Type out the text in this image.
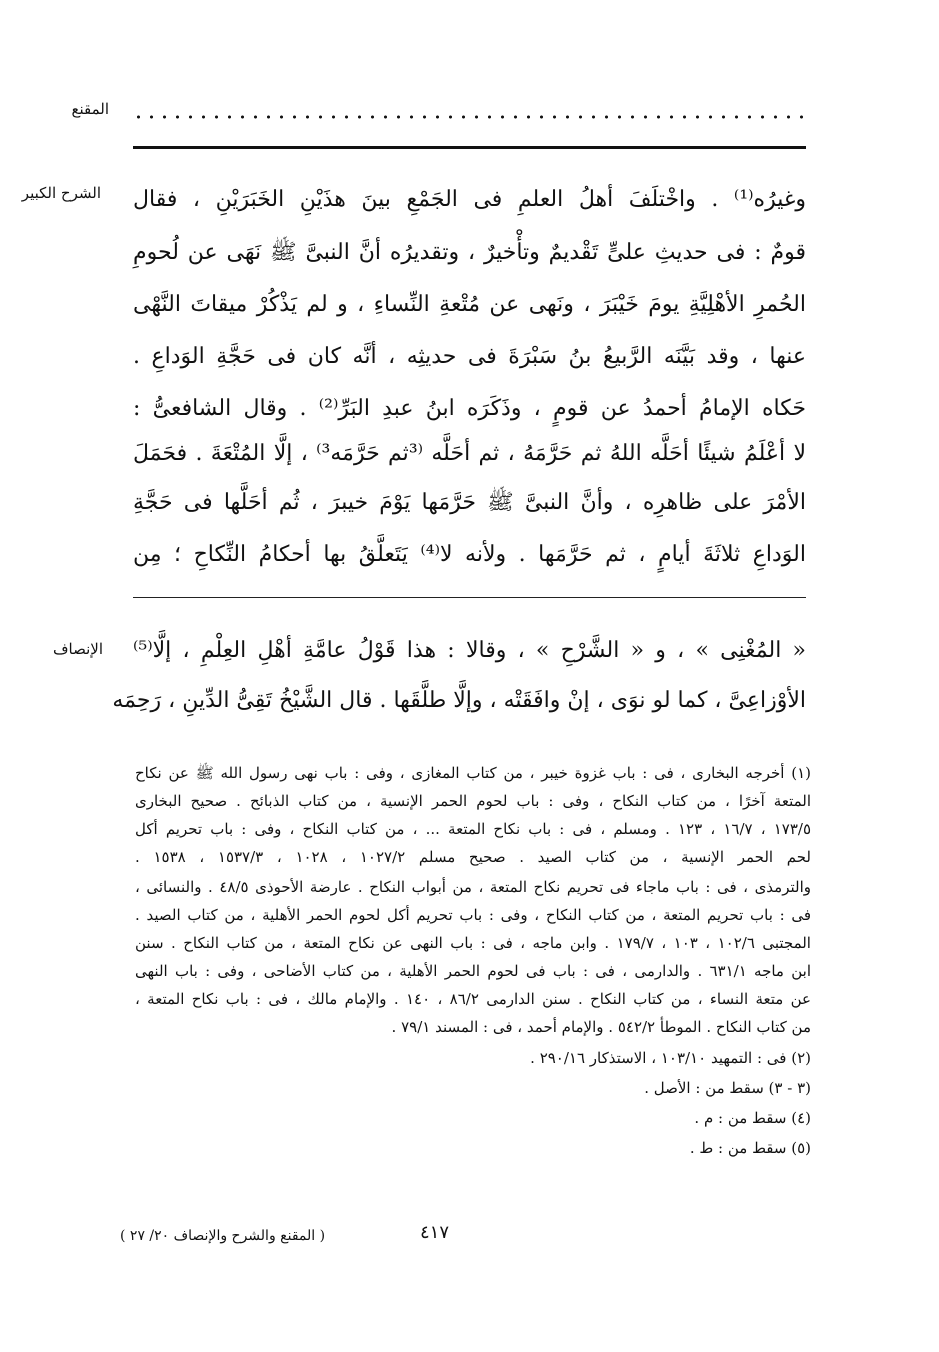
المقنع
الشرح الكبير وغيرُه⁽¹⁾ . واخْتلَفَ أهلُ العلمِ فى الجَمْعِ بينَ هذَيْنِ الخَبَرَيْنِ ، فقال
قومٌ : فى حديثِ علىٍّ تَقْديمٌ وتأْخيرٌ ، وتقديرُه أنَّ النبىَّ ﷺ نَهَى عن لُحومِ
الحُمرِ الأهْلِيَّةِ يومَ خَيْبَرَ ، ونَهى عن مُتْعةِ النِّساءِ ، و لم يَذْكُرْ ميقاتَ النَّهْى
عنها ، وقد بَيَّنَه الرَّبيعُ بنُ سَبْرَةَ فى حديثِه ، أنَّه كان فى حَجَّةِ الوَداعِ .
حَكاه الإمامُ أحمدُ عن قومٍ ، وذَكَرَه ابنُ عبدِ البَرِّ⁽²⁾ . وقال الشافعىُّ :
لا أعْلَمُ شيئًا أحَلَّه اللهُ ثم حَرَّمَهُ ، ثم أحَلَّه ⁽³ثم حَرَّمَه³⁾ ، إلَّا المُتْعَةَ . فحَمَلَ
الأمْرَ على ظاهرِه ، وأنَّ النبىَّ ﷺ حَرَّمَها يَوْمَ خيبرَ ، ثُم أحَلَّها فى حَجَّةِ
الوَداعِ ثلاثَةَ أيامٍ ، ثم حَرَّمَها . ولأنه لا⁽⁴⁾ يَتَعلَّقُ بها أحكامُ النِّكاحِ ؛ مِن
الإنصاف « المُغْنِى » ، و « الشَّرْحِ » ، وقالا : هذا قَوْلُ عامَّةِ أهْلِ العِلْمِ ، إلَّا⁽⁵⁾
الأوْزاعِىَّ ، كما لو نوَى ، إنْ وافَقَتْه ، وإلَّا طلَّقَها . قال الشَّيْخُ تَقِىُّ الدِّينِ ، رَحِمَه
(١) أخرجه البخارى ، فى : باب غزوة خيبر ، من كتاب المغازى ، وفى : باب نهى رسول الله ﷺ عن نكاح
المتعة آخرًا ، من كتاب النكاح ، وفى : باب لحوم الحمر الإنسية ، من كتاب الذبائح . صحيح البخارى
١٧٣/٥ ، ١٦/٧ ، ١٢٣ . ومسلم ، فى : باب نكاح المتعة ... ، من كتاب النكاح ، وفى : باب تحريم أكل
لحم الحمر الإنسية ، من كتاب الصيد . صحيح مسلم ١٠٢٧/٢ ، ١٠٢٨ ، ١٥٣٧/٣ ، ١٥٣٨ .
والترمذى ، فى : باب ماجاء فى تحريم نكاح المتعة ، من أبواب النكاح . عارضة الأحوذى ٤٨/٥ . والنسائى ،
فى : باب تحريم المتعة ، من كتاب النكاح ، وفى : باب تحريم أكل لحوم الحمر الأهلية ، من كتاب الصيد .
المجتبى ١٠٢/٦ ، ١٠٣ ، ١٧٩/٧ . وابن ماجه ، فى : باب النهى عن نكاح المتعة ، من كتاب النكاح . سنن
ابن ماجه ٦٣١/١ . والدارمى ، فى : باب فى لحوم الحمر الأهلية ، من كتاب الأضاحى ، وفى : باب النهى
عن متعة النساء ، من كتاب النكاح . سنن الدارمى ٨٦/٢ ، ١٤٠ . والإمام مالك ، فى : باب نكاح المتعة ،
من كتاب النكاح . الموطأ ٥٤٢/٢ . والإمام أحمد ، فى : المسند ٧٩/١ .
(٢) فى : التمهيد ١٠٣/١٠ ، الاستذكار ٢٩٠/١٦ .
(٣ - ٣) سقط من : الأصل .
(٤) سقط من : م .
(٥) سقط من : ط .
٤١٧
( المقنع والشرح والإنصاف ٢٠/ ٢٧ )
